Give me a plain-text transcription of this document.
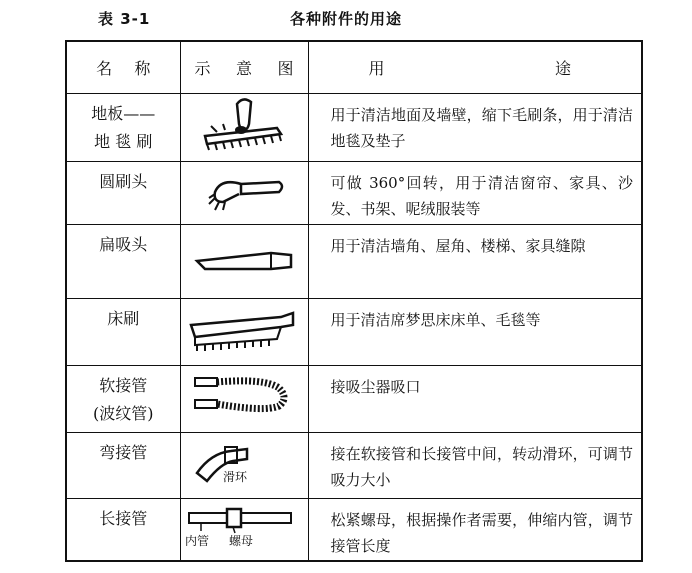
表 3-1	各种附件的用途
名 称	示 意 图	用 途

地板——
地 毯 刷		用于清洁地面及墙壁，缩下毛刷条，用于清洁地毯及垫子

圆刷头		可做 360°回转，用于清洁窗帘、家具、沙发、书架、呢绒服装等

扁吸头		用于清洁墙角、屋角、楼梯、家具缝隙

床刷		用于清洁席梦思床床单、毛毯等

软接管
(波纹管)		接吸尘器吸口

弯接管	滑环	接在软接管和长接管中间，转动滑环，可调节吸力大小

长接管	内管 螺母	松紧螺母，根据操作者需要，伸缩内管，调节接管长度
